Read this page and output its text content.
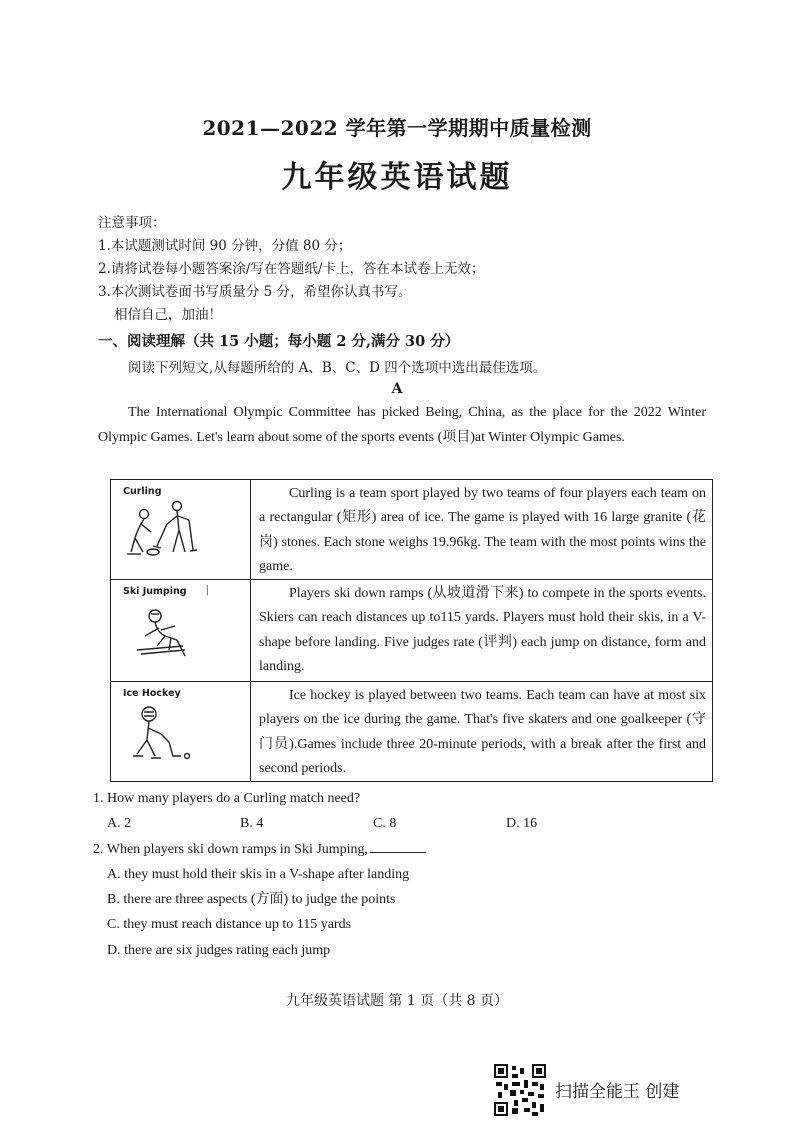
2021—2022 学年第一学期期中质量检测
九年级英语试题
注意事项：
1.本试题测试时间 90 分钟，分值 80 分；
2.请将试卷每小题答案涂/写在答题纸/卡上，答在本试卷上无效；
3.本次测试卷面书写质量分 5 分，希望你认真书写。
相信自己，加油！
一、阅读理解（共 15 小题；每小题 2 分,满分 30 分）
阅读下列短文,从每题所给的 A、B、C、D 四个选项中选出最佳选项。
A
The International Olympic Committee has picked Being, China, as the place for the 2022 Winter Olympic Games. Let's learn about some of the sports events (项目)at Winter Olympic Games.
Curling	Curling is a team sport played by two teams of four players each team on a rectangular (矩形) area of ice. The game is played with 16 large granite (花岗) stones. Each stone weighs 19.96kg. The team with the most points wins the game.

Ski Jumping |	Players ski down ramps (从坡道滑下来) to compete in the sports events. Skiers can reach distances up to115 yards. Players must hold their skis, in a V-shape before landing. Five judges rate (评判) each jump on distance, form and landing.

Ice Hockey	Ice hockey is played between two teams. Each team can have at most six players on the ice during the game. That's five skaters and one goalkeeper (守门员).Games include three 20-minute periods, with a break after the first and second periods.
1. How many players do a Curling match need?
A. 2	B. 4	C. 8	D. 16
2. When players ski down ramps in Ski Jumping,
A. they must hold their skis in a V-shape after landing
B. there are three aspects (方面) to judge the points
C. they must reach distance up to 115 yards
D. there are six judges rating each jump
九年级英语试题 第 1 页（共 8 页）
扫描全能王 创建
